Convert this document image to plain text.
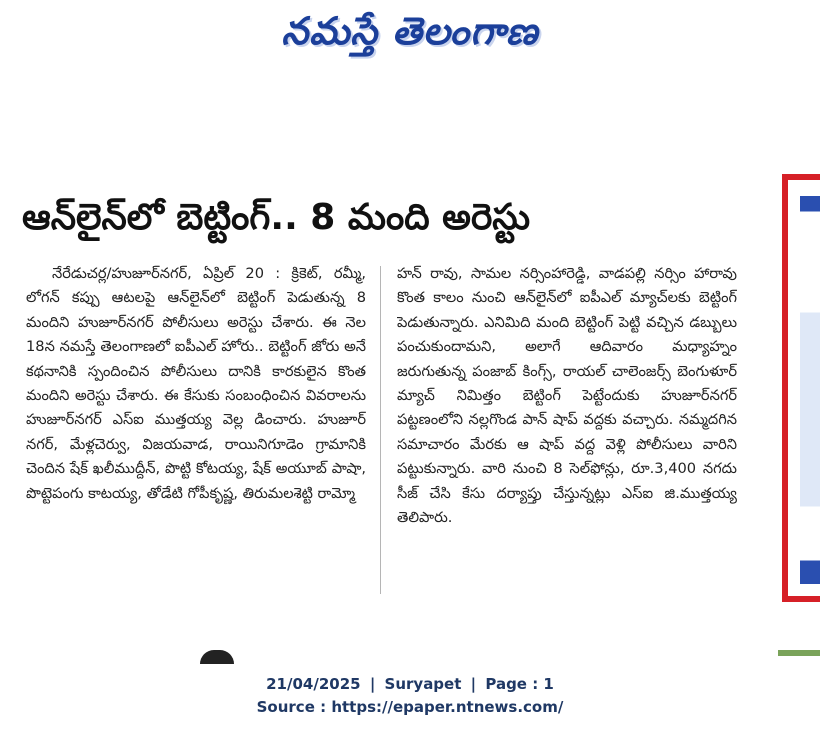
నమస్తే తెలంగాణ
ఆన్‌లైన్‌లో బెట్టింగ్.. 8 మంది అరెస్టు

నేరేడుచర్ల/హుజూర్‌నగర్, ఏప్రిల్ 20 : క్రికెట్, రమ్మీ, లోగన్ కప్పు ఆటలపై ఆన్‌లైన్‌లో బెట్టింగ్ పెడుతున్న 8 మందిని హుజూర్‌నగర్ పోలీసులు అరెస్టు చేశారు. ఈ నెల 18న నమస్తే తెలంగాణలో ఐపీఎల్ హోరు.. బెట్టింగ్ జోరు అనే కథనానికి స్పందించిన పోలీసులు దానికి కారకులైన కొంత మందిని అరెస్టు చేశారు. ఈ కేసుకు సంబంధించిన వివరాలను హుజూర్‌నగర్ ఎస్‌ఐ ముత్తయ్య వెల్ల డించారు. హుజూర్ నగర్, మేళ్లచెర్వు, విజయవాడ, రాయినిగూడెం గ్రామానికి చెందిన షేక్ ఖలీముద్దీన్, పొట్టి కోటయ్య, షేక్ అయూబ్ పాషా, పొట్టెపంగు కాటయ్య, తోడేటి గోపీకృష్ణ, తిరుమలశెట్టి రామ్మో

హన్ రావు, సామల నర్సింహారెడ్డి, వాడపల్లి నర్సిం హారావు కొంత కాలం నుంచి ఆన్‌లైన్‌లో ఐపీఎల్ మ్యాచ్‌లకు బెట్టింగ్ పెడుతున్నారు. ఎనిమిది మంది బెట్టింగ్ పెట్టి వచ్చిన డబ్బులు పంచుకుందామని, అలాగే ఆదివారం మధ్యాహ్నం జరుగుతున్న పంజాబ్ కింగ్స్, రాయల్ చాలెంజర్స్ బెంగుళూర్ మ్యాచ్ నిమిత్తం బెట్టింగ్ పెట్టేందుకు హుజూర్‌నగర్ పట్టణంలోని నల్లగొండ పాన్ షాప్ వద్దకు వచ్చారు. నమ్మదగిన సమాచారం మేరకు ఆ షాప్ వద్ద వెళ్లి పోలీసులు వారిని పట్టుకున్నారు. వారి నుంచి 8 సెల్‌ఫోన్లు, రూ.3,400 నగదు సీజ్ చేసి కేసు దర్యాప్తు చేస్తున్నట్లు ఎస్‌ఐ జి.ముత్తయ్య తెలిపారు.

21/04/2025 | Suryapet | Page : 1
Source : https://epaper.ntnews.com/
